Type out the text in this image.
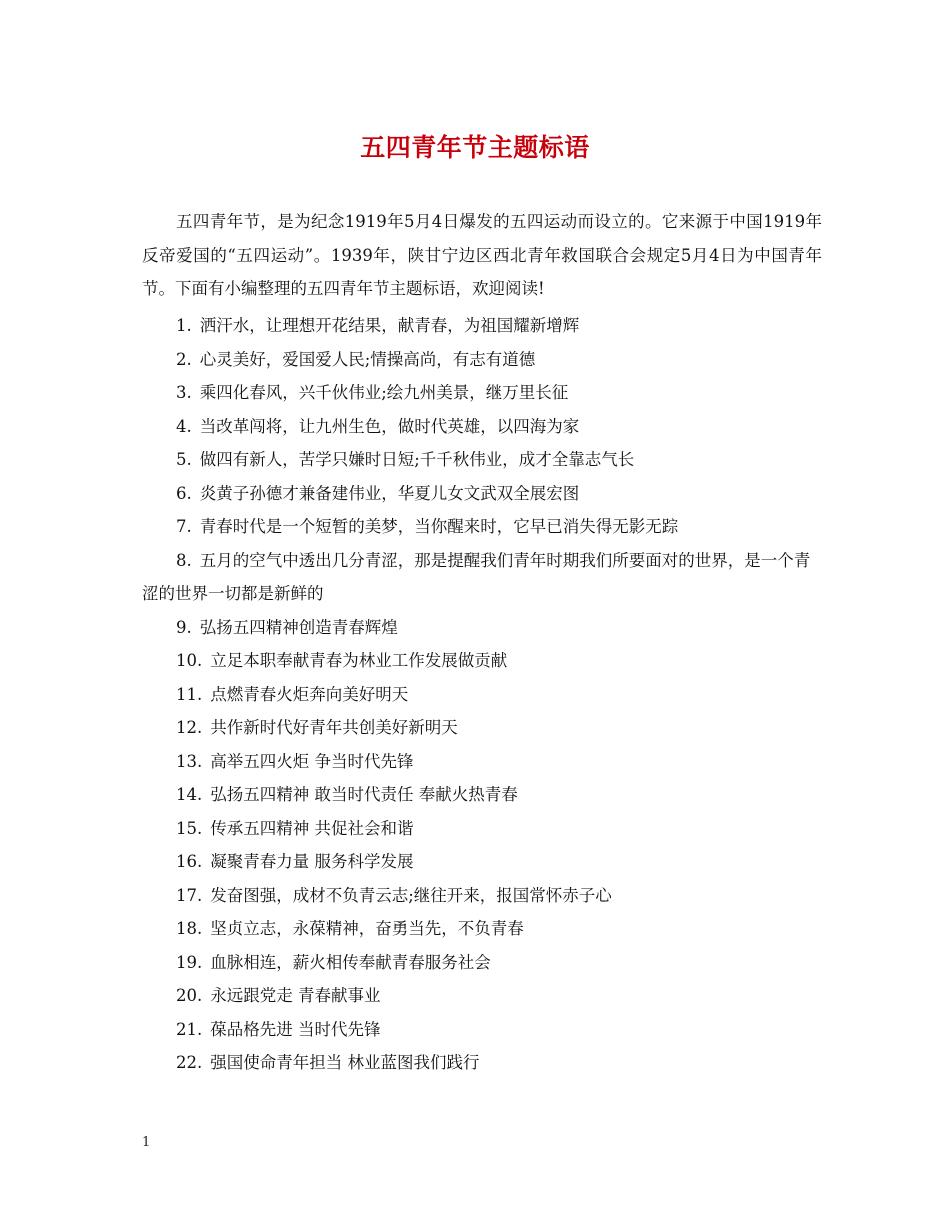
五四青年节主题标语

五四青年节，是为纪念1919年5月4日爆发的五四运动而设立的。它来源于中国1919年反帝爱国的“五四运动”。1939年，陕甘宁边区西北青年救国联合会规定5月4日为中国青年节。下面有小编整理的五四青年节主题标语，欢迎阅读!

1. 洒汗水，让理想开花结果，献青春，为祖国耀新增辉
2. 心灵美好，爱国爱人民;情操高尚，有志有道德
3. 乘四化春风，兴千伙伟业;绘九州美景，继万里长征
4. 当改革闯将，让九州生色，做时代英雄，以四海为家
5. 做四有新人，苦学只嫌时日短;千千秋伟业，成才全靠志气长
6. 炎黄子孙德才兼备建伟业，华夏儿女文武双全展宏图
7. 青春时代是一个短暂的美梦，当你醒来时，它早已消失得无影无踪
8. 五月的空气中透出几分青涩，那是提醒我们青年时期我们所要面对的世界，是一个青涩的世界一切都是新鲜的
9. 弘扬五四精神创造青春辉煌
10. 立足本职奉献青春为林业工作发展做贡献
11. 点燃青春火炬奔向美好明天
12. 共作新时代好青年共创美好新明天
13. 高举五四火炬 争当时代先锋
14. 弘扬五四精神 敢当时代责任 奉献火热青春
15. 传承五四精神 共促社会和谐
16. 凝聚青春力量 服务科学发展
17. 发奋图强，成材不负青云志;继往开来，报国常怀赤子心
18. 坚贞立志，永葆精神，奋勇当先，不负青春
19. 血脉相连，薪火相传奉献青春服务社会
20. 永远跟党走 青春献事业
21. 葆品格先进 当时代先锋
22. 强国使命青年担当 林业蓝图我们践行
1
